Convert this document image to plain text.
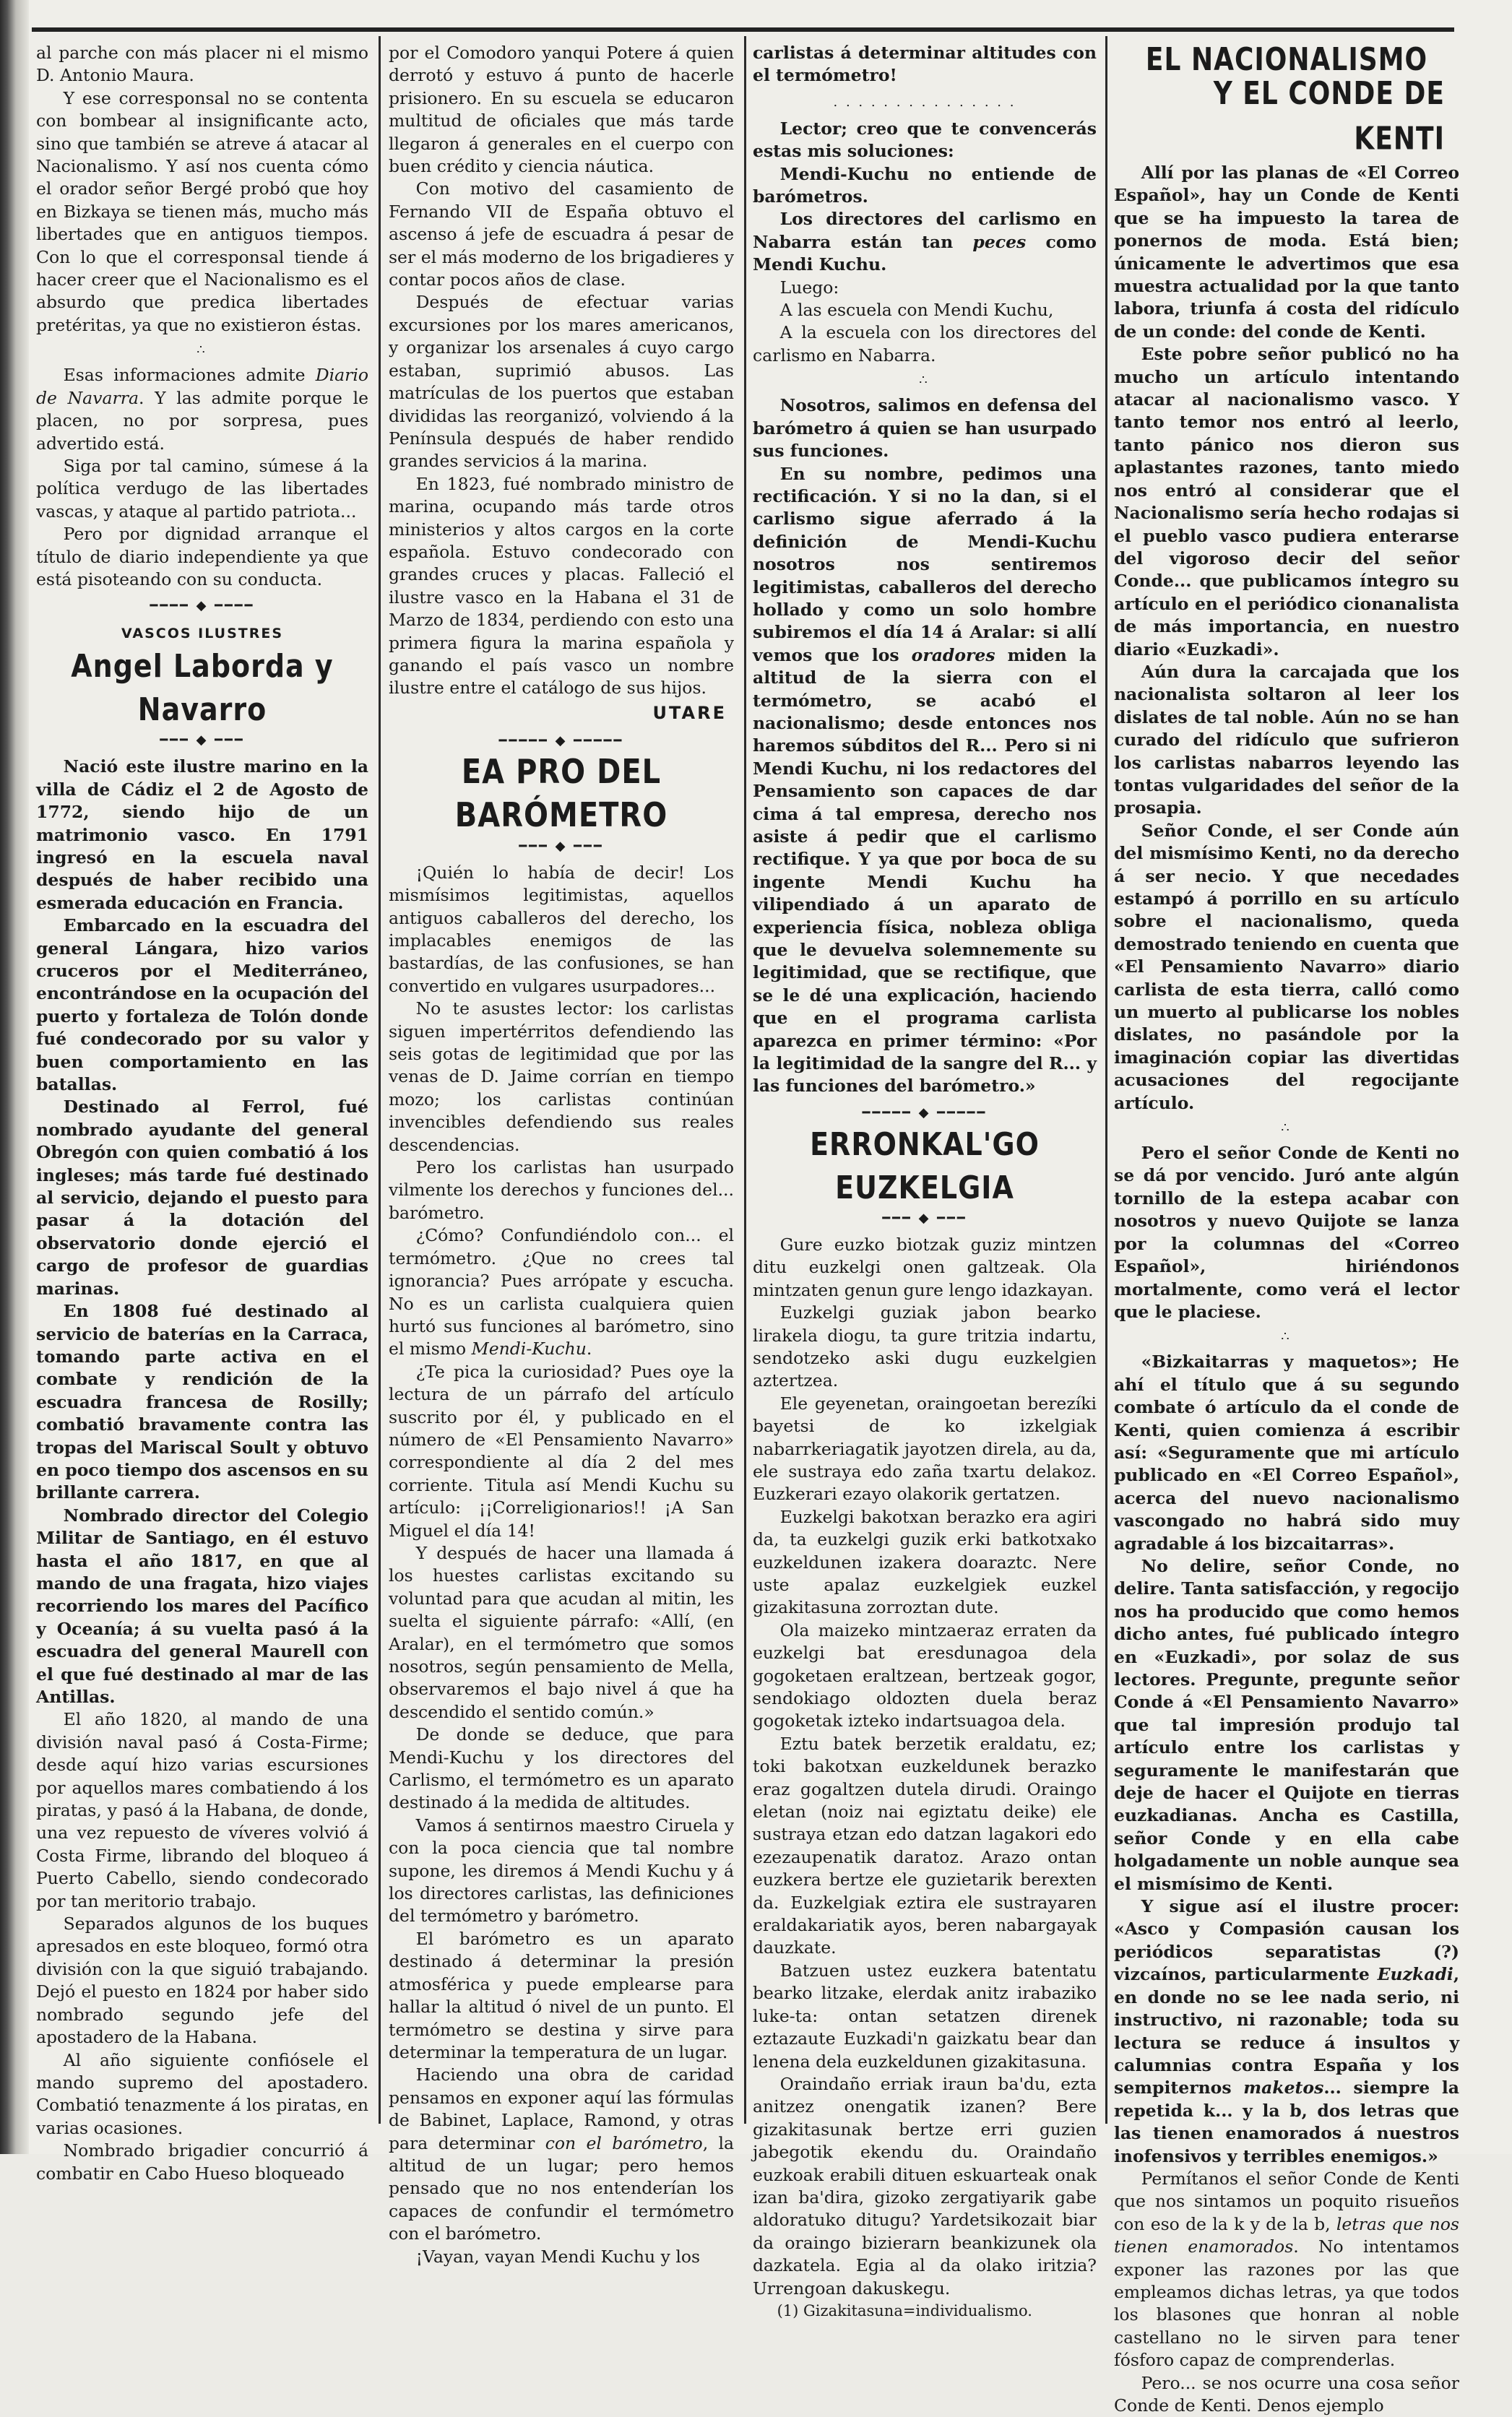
al parche con más placer ni el mismo D. Antonio Maura.

Y ese corresponsal no se contenta con bombear al insignificante acto, sino que también se atreve á atacar al Nacionalismo. Y así nos cuenta cómo el orador señor Bergé probó que hoy en Bizkaya se tienen más, mucho más libertades que en antiguos tiempos. Con lo que el corresponsal tiende á hacer creer que el Nacionalismo es el absurdo que predica libertades pretéritas, ya que no existieron éstas.

∴

Esas informaciones admite Diario de Navarra. Y las admite porque le placen, no por sorpresa, pues advertido está.

Siga por tal camino, súmese á la política verdugo de las libertades vascas, y ataque al partido patriota...

Pero por dignidad arranque el título de diario independiente ya que está pisoteando con su conducta.

━━━━ ◆ ━━━━
VASCOS ILUSTRES
Angel Laborda y Navarro
━━━ ◆ ━━━

Nació este ilustre marino en la villa de Cádiz el 2 de Agosto de 1772, siendo hijo de un matrimonio vasco. En 1791 ingresó en la escuela naval después de haber recibido una esmerada educación en Francia.

Embarcado en la escuadra del general Lángara, hizo varios cruceros por el Mediterráneo, encontrándose en la ocupación del puerto y fortaleza de Tolón donde fué condecorado por su valor y buen comportamiento en las batallas.

Destinado al Ferrol, fué nombrado ayudante del general Obregón con quien combatió á los ingleses; más tarde fué destinado al servicio, dejando el puesto para pasar á la dotación del observatorio donde ejerció el cargo de profesor de guardias marinas.

En 1808 fué destinado al servicio de baterías en la Carraca, tomando parte activa en el combate y rendición de la escuadra francesa de Rosilly; combatió bravamente contra las tropas del Mariscal Soult y obtuvo en poco tiempo dos ascensos en su brillante carrera.

Nombrado director del Colegio Militar de Santiago, en él estuvo hasta el año 1817, en que al mando de una fragata, hizo viajes recorriendo los mares del Pacífico y Oceanía; á su vuelta pasó á la escuadra del general Maurell con el que fué destinado al mar de las Antillas.

El año 1820, al mando de una división naval pasó á Costa-Firme; desde aquí hizo varias escursiones por aquellos mares combatiendo á los piratas, y pasó á la Habana, de donde, una vez repuesto de víveres volvió á Costa Firme, librando del bloqueo á Puerto Cabello, siendo condecorado por tan meritorio trabajo.

Separados algunos de los buques apresados en este bloqueo, formó otra división con la que siguió trabajando. Dejó el puesto en 1824 por haber sido nombrado segundo jefe del apostadero de la Habana.

Al año siguiente confiósele el mando supremo del apostadero. Combatió tenazmente á los piratas, en varias ocasiones.

Nombrado brigadier concurrió á combatir en Cabo Hueso bloqueado

por el Comodoro yanqui Potere á quien derrotó y estuvo á punto de hacerle prisionero. En su escuela se educaron multitud de oficiales que más tarde llegaron á generales en el cuerpo con buen crédito y ciencia náutica.

Con motivo del casamiento de Fernando VII de España obtuvo el ascenso á jefe de escuadra á pesar de ser el más moderno de los brigadieres y contar pocos años de clase.

Después de efectuar varias excursiones por los mares americanos, y organizar los arsenales á cuyo cargo estaban, suprimió abusos. Las matrículas de los puertos que estaban divididas las reorganizó, volviendo á la Península después de haber rendido grandes servicios á la marina.

En 1823, fué nombrado ministro de marina, ocupando más tarde otros ministerios y altos cargos en la corte española. Estuvo condecorado con grandes cruces y placas. Falleció el ilustre vasco en la Habana el 31 de Marzo de 1834, perdiendo con esto una primera figura la marina española y ganando el país vasco un nombre ilustre entre el catálogo de sus hijos.

UTARE
━━━━━ ◆ ━━━━━
EA PRO DEL BARÓMETRO
━━━ ◆ ━━━

¡Quién lo había de decir! Los mismísimos legitimistas, aquellos antiguos caballeros del derecho, los implacables enemigos de las bastardías, de las confusiones, se han convertido en vulgares usurpadores...

No te asustes lector: los carlistas siguen impertérritos defendiendo las seis gotas de legitimidad que por las venas de D. Jaime corrían en tiempo mozo; los carlistas continúan invencibles defendiendo sus reales descendencias.

Pero los carlistas han usurpado vilmente los derechos y funciones del... barómetro.

¿Cómo? Confundiéndolo con... el termómetro. ¿Que no crees tal ignorancia? Pues arrópate y escucha. No es un carlista cualquiera quien hurtó sus funciones al barómetro, sino el mismo Mendi-Kuchu.

¿Te pica la curiosidad? Pues oye la lectura de un párrafo del artículo suscrito por él, y publicado en el número de «El Pensamiento Navarro» correspondiente al día 2 del mes corriente. Titula así Mendi Kuchu su artículo: ¡¡Correligionarios!! ¡A San Miguel el día 14!

Y después de hacer una llamada á los huestes carlistas excitando su voluntad para que acudan al mitin, les suelta el siguiente párrafo: «Allí, (en Aralar), en el termómetro que somos nosotros, según pensamiento de Mella, observaremos el bajo nivel á que ha descendido el sentido común.»

De donde se deduce, que para Mendi-Kuchu y los directores del Carlismo, el termómetro es un aparato destinado á la medida de altitudes.

Vamos á sentirnos maestro Ciruela y con la poca ciencia que tal nombre supone, les diremos á Mendi Kuchu y á los directores carlistas, las definiciones del termómetro y barómetro.

El barómetro es un aparato destinado á determinar la presión atmosférica y puede emplearse para hallar la altitud ó nivel de un punto. El termómetro se destina y sirve para determinar la temperatura de un lugar.

Haciendo una obra de caridad pensamos en exponer aquí las fórmulas de Babinet, Laplace, Ramond, y otras para determinar con el barómetro, la altitud de un lugar; pero hemos pensado que no nos entenderían los capaces de confundir el termómetro con el barómetro.

¡Vayan, vayan Mendi Kuchu y los

carlistas á determinar altitudes con el termómetro!

. . . . . . . . . . . . . . .

Lector; creo que te convencerás estas mis soluciones:

Mendi-Kuchu no entiende de barómetros.

Los directores del carlismo en Nabarra están tan peces como Mendi Kuchu.

Luego:

A las escuela con Mendi Kuchu,

A la escuela con los directores del carlismo en Nabarra.

∴

Nosotros, salimos en defensa del barómetro á quien se han usurpado sus funciones.

En su nombre, pedimos una rectificación. Y si no la dan, si el carlismo sigue aferrado á la definición de Mendi-Kuchu nosotros nos sentiremos legitimistas, caballeros del derecho hollado y como un solo hombre subiremos el día 14 á Aralar: si allí vemos que los oradores miden la altitud de la sierra con el termómetro, se acabó el nacionalismo; desde entonces nos haremos súbditos del R... Pero si ni Mendi Kuchu, ni los redactores del Pensamiento son capaces de dar cima á tal empresa, derecho nos asiste á pedir que el carlismo rectifique. Y ya que por boca de su ingente Mendi Kuchu ha vilipendiado á un aparato de experiencia física, nobleza obliga que le devuelva solemnemente su legitimidad, que se rectifique, que se le dé una explicación, haciendo que en el programa carlista aparezca en primer término: «Por la legitimidad de la sangre del R... y las funciones del barómetro.»

━━━━━ ◆ ━━━━━
ERRONKAL'GO EUZKELGIA
━━━ ◆ ━━━

Gure euzko biotzak guziz mintzen ditu euzkelgi onen galtzeak. Ola mintzaten genun gure lengo idazkayan.

Euzkelgi guziak jabon bearko lirakela diogu, ta gure tritzia indartu, sendotzeko aski dugu euzkelgien aztertzea.

Ele geyenetan, oraingoetan berezíki bayetsi de ko izkelgiak nabarrkeriagatik jayotzen direla, au da, ele sustraya edo zaña txartu delakoz. Euzkerari ezayo olakorik gertatzen.

Euzkelgi bakotxan berazko era agiri da, ta euzkelgi guzik erki batkotxako euzkeldunen izakera doaraztc. Nere uste apalaz euzkelgiek euzkel gizakitasuna zorroztan dute.

Ola maizeko mintzaeraz erraten da euzkelgi bat eresdunagoa dela gogoketaen eraltzean, bertzeak gogor, sendokiago oldozten duela beraz gogoketak izteko indartsuagoa dela.

Eztu batek berzetik eraldatu, ez; toki bakotxan euzkeldunek berazko eraz gogaltzen dutela dirudi. Oraingo eletan (noiz nai egiztatu deike) ele sustraya etzan edo datzan lagakori edo ezezaupenatik daratoz. Arazo ontan euzkera bertze ele guzietarik berexten da. Euzkelgiak eztira ele sustrayaren eraldakariatik ayos, beren nabargayak dauzkate.

Batzuen ustez euzkera batentatu bearko litzake, elerdak anitz irabaziko luke-ta: ontan setatzen direnek eztazaute Euzkadi'n gaizkatu bear dan lenena dela euzkeldunen gizakitasuna.

Oraindaño erriak iraun ba'du, ezta anitzez onengatik izanen? Bere gizakitasunak bertze erri guzien jabegotik ekendu du. Oraindaño euzkoak erabili dituen eskuarteak onak izan ba'dira, gizoko zergatiyarik gabe aldoratuko ditugu? Yardetsikozait biar da oraingo bizierarn beankizunek ola dazkatela. Egia al da olako iritzia? Urrengoan dakuskegu.

(1) Gizakitasuna=individualismo.

EL NACIONALISMO
Y EL CONDE DE KENTI

Allí por las planas de «El Correo Español», hay un Conde de Kenti que se ha impuesto la tarea de ponernos de moda. Está bien; únicamente le advertimos que esa muestra actualidad por la que tanto labora, triunfa á costa del ridículo de un conde: del conde de Kenti.

Este pobre señor publicó no ha mucho un artículo intentando atacar al nacionalismo vasco. Y tanto temor nos entró al leerlo, tanto pánico nos dieron sus aplastantes razones, tanto miedo nos entró al considerar que el Nacionalismo sería hecho rodajas si el pueblo vasco pudiera enterarse del vigoroso decir del señor Conde... que publicamos íntegro su artículo en el periódico cionanalista de más importancia, en nuestro diario «Euzkadi».

Aún dura la carcajada que los nacionalista soltaron al leer los dislates de tal noble. Aún no se han curado del ridículo que sufrieron los carlistas nabarros leyendo las tontas vulgaridades del señor de la prosapia.

Señor Conde, el ser Conde aún del mismísimo Kenti, no da derecho á ser necio. Y que necedades estampó á porrillo en su artículo sobre el nacionalismo, queda demostrado teniendo en cuenta que «El Pensamiento Navarro» diario carlista de esta tierra, calló como un muerto al publicarse los nobles dislates, no pasándole por la imaginación copiar las divertidas acusaciones del regocijante artículo.

∴

Pero el señor Conde de Kenti no se dá por vencido. Juró ante algún tornillo de la estepa acabar con nosotros y nuevo Quijote se lanza por la columnas del «Correo Español», hiriéndonos mortalmente, como verá el lector que le placiese.

∴

«Bizkaitarras y maquetos»; He ahí el título que á su segundo combate ó artículo da el conde de Kenti, quien comienza á escribir así: «Seguramente que mi artículo publicado en «El Correo Español», acerca del nuevo nacionalismo vascongado no habrá sido muy agradable á los bizcaitarras».

No delire, señor Conde, no delire. Tanta satisfacción, y regocijo nos ha producido que como hemos dicho antes, fué publicado íntegro en «Euzkadi», por solaz de sus lectores. Pregunte, pregunte señor Conde á «El Pensamiento Navarro» que tal impresión produjo tal artículo entre los carlistas y seguramente le manifestarán que deje de hacer el Quijote en tierras euzkadianas. Ancha es Castilla, señor Conde y en ella cabe holgadamente un noble aunque sea el mismísimo de Kenti.

Y sigue así el ilustre procer: «Asco y Compasión causan los periódicos separatistas (?) vizcaínos, particularmente Euzkadi, en donde no se lee nada serio, ni instructivo, ni razonable; toda su lectura se reduce á insultos y calumnias contra España y los sempiternos maketos... siempre la repetida k... y la b, dos letras que las tienen enamorados á nuestros inofensivos y terribles enemigos.»

Permítanos el señor Conde de Kenti que nos sintamos un poquito risueños con eso de la k y de la b, letras que nos tienen enamorados. No intentamos exponer las razones por las que empleamos dichas letras, ya que todos los blasones que honran al noble castellano no le sirven para tener fósforo capaz de comprenderlas.

Pero... se nos ocurre una cosa señor Conde de Kenti. Denos ejemplo
